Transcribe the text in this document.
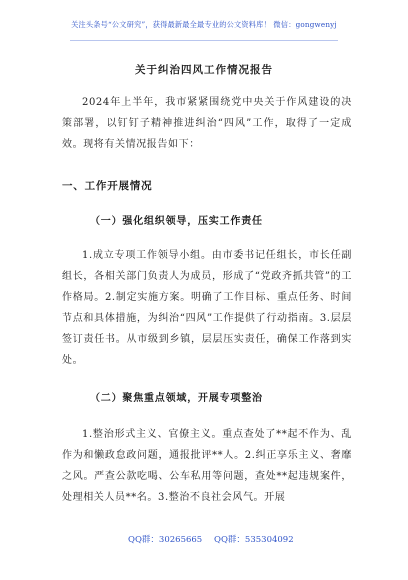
关注头条号“公文研究”，获得最新最全最专业的公文资料库！ 微信：gongwenyj
关于纠治四风工作情况报告

2024年上半年，我市紧紧围绕党中央关于作风建设的决策部署，以钉钉子精神推进纠治“四风”工作，取得了一定成效。现将有关情况报告如下：

一、工作开展情况
（一）强化组织领导，压实工作责任

1.成立专项工作领导小组。由市委书记任组长，市长任副组长，各相关部门负责人为成员，形成了“党政齐抓共管”的工作格局。2.制定实施方案。明确了工作目标、重点任务、时间节点和具体措施，为纠治“四风”工作提供了行动指南。3.层层签订责任书。从市级到乡镇，层层压实责任，确保工作落到实处。

（二）聚焦重点领域，开展专项整治

1.整治形式主义、官僚主义。重点查处了**起不作为、乱作为和懒政怠政问题，通报批评**人。2.纠正享乐主义、奢靡之风。严查公款吃喝、公车私用等问题，查处**起违规案件，处理相关人员**名。3.整治不良社会风气。开展

QQ群：30265665 QQ群：535304092
